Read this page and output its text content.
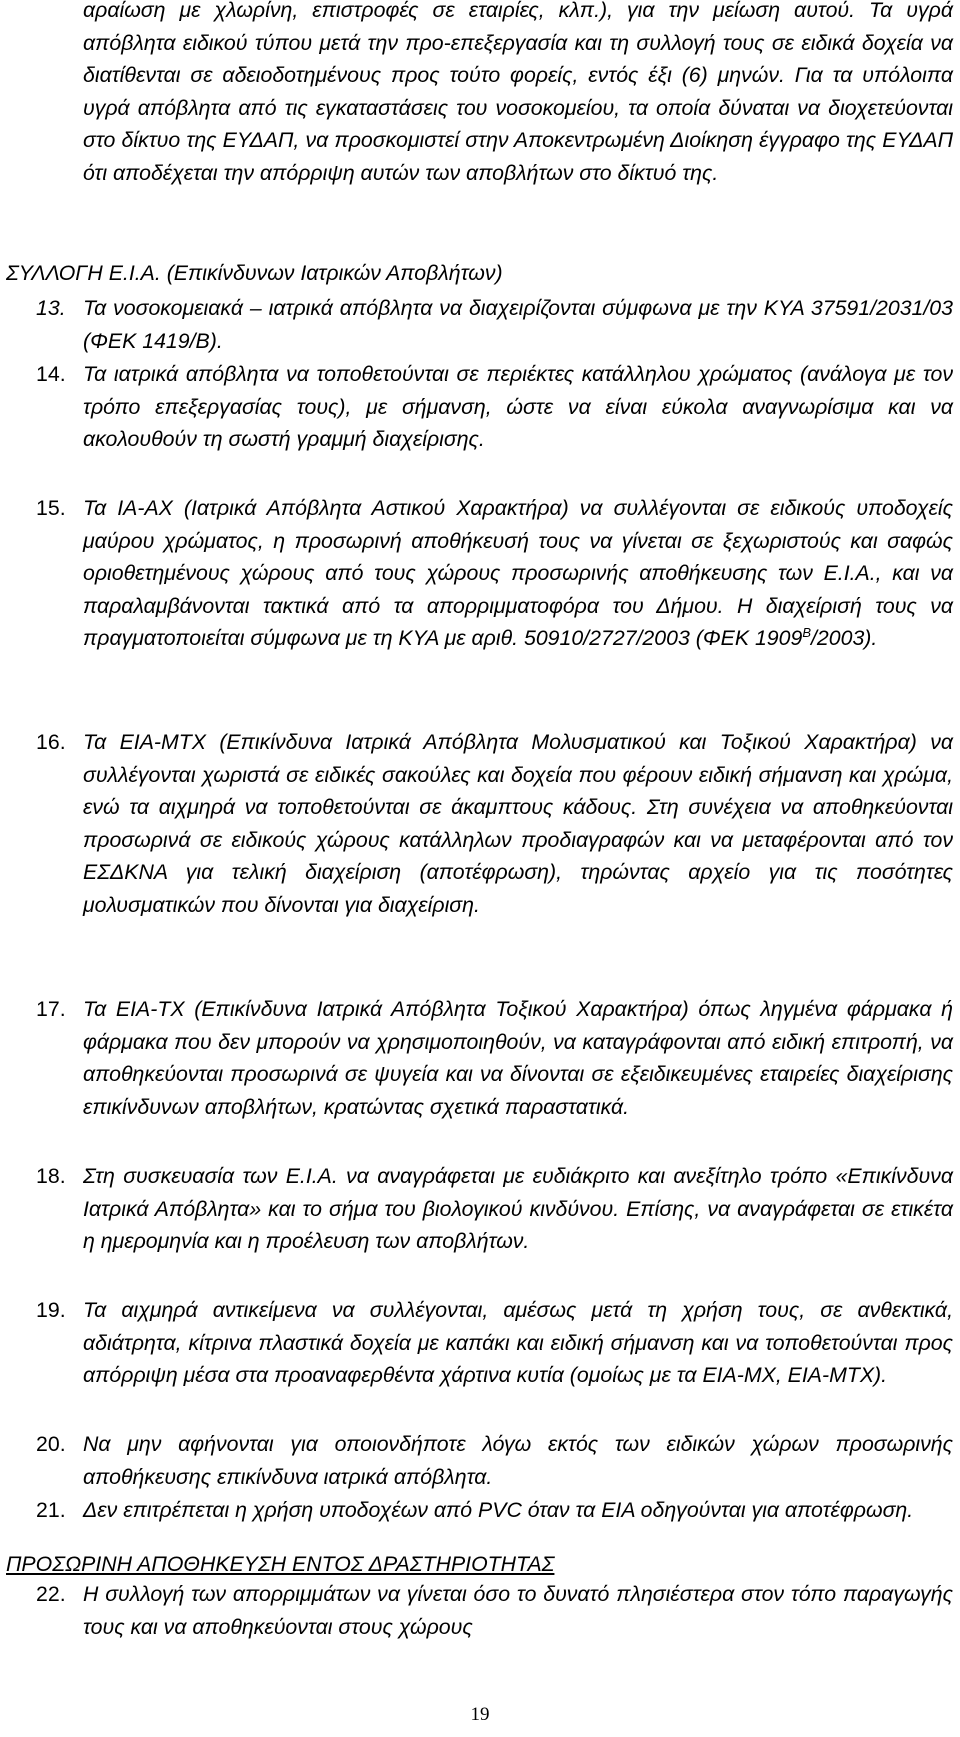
αραίωση με χλωρίνη, επιστροφές σε εταιρίες, κλπ.), για την μείωση αυτού. Τα υγρά απόβλητα ειδικού τύπου μετά την προ-επεξεργασία και τη συλλογή τους σε ειδικά δοχεία να διατίθενται σε αδειοδοτημένους προς τούτο φορείς, εντός έξι (6) μηνών. Για τα υπόλοιπα υγρά απόβλητα από τις εγκαταστάσεις του νοσοκομείου, τα οποία δύναται να διοχετεύονται στο δίκτυο της ΕΥΔΑΠ, να προσκομιστεί στην Αποκεντρωμένη Διοίκηση έγγραφο της ΕΥΔΑΠ ότι αποδέχεται την απόρριψη αυτών των αποβλήτων στο δίκτυό της.

ΣΥΛΛΟΓΗ Ε.Ι.Α. (Επικίνδυνων Ιατρικών Αποβλήτων)

13. Τα νοσοκομειακά – ιατρικά απόβλητα να διαχειρίζονται σύμφωνα με την ΚΥΑ 37591/2031/03 (ΦΕΚ 1419/Β).
14. Τα ιατρικά απόβλητα να τοποθετούνται σε περιέκτες κατάλληλου χρώματος (ανάλογα με τον τρόπο επεξεργασίας τους), με σήμανση, ώστε να είναι εύκολα αναγνωρίσιμα και να ακολουθούν τη σωστή γραμμή διαχείρισης.
15. Τα ΙΑ-ΑΧ (Ιατρικά Απόβλητα Αστικού Χαρακτήρα) να συλλέγονται σε ειδικούς υποδοχείς μαύρου χρώματος, η προσωρινή αποθήκευσή τους να γίνεται σε ξεχωριστούς και σαφώς οριοθετημένους χώρους από τους χώρους προσωρινής αποθήκευσης των Ε.Ι.Α., και να παραλαμβάνονται τακτικά από τα απορριμματοφόρα του Δήμου. Η διαχείρισή τους να πραγματοποιείται σύμφωνα με τη ΚΥΑ με αριθ. 50910/2727/2003 (ΦΕΚ $1909^B/2003$).
16. Τα ΕΙΑ-ΜΤΧ (Επικίνδυνα Ιατρικά Απόβλητα Μολυσματικού και Τοξικού Χαρακτήρα) να συλλέγονται χωριστά σε ειδικές σακούλες και δοχεία που φέρουν ειδική σήμανση και χρώμα, ενώ τα αιχμηρά να τοποθετούνται σε άκαμπτους κάδους. Στη συνέχεια να αποθηκεύονται προσωρινά σε ειδικούς χώρους κατάλληλων προδιαγραφών και να μεταφέρονται από τον ΕΣΔΚΝΑ για τελική διαχείριση (αποτέφρωση), τηρώντας αρχείο για τις ποσότητες μολυσματικών που δίνονται για διαχείριση.
17. Τα ΕΙΑ-ΤΧ (Επικίνδυνα Ιατρικά Απόβλητα Τοξικού Χαρακτήρα) όπως ληγμένα φάρμακα ή φάρμακα που δεν μπορούν να χρησιμοποιηθούν, να καταγράφονται από ειδική επιτροπή, να αποθηκεύονται προσωρινά σε ψυγεία και να δίνονται σε εξειδικευμένες εταιρείες διαχείρισης επικίνδυνων αποβλήτων, κρατώντας σχετικά παραστατικά.
18. Στη συσκευασία των Ε.Ι.Α. να αναγράφεται με ευδιάκριτο και ανεξίτηλο τρόπο «Επικίνδυνα Ιατρικά Απόβλητα» και το σήμα του βιολογικού κινδύνου. Επίσης, να αναγράφεται σε ετικέτα η ημερομηνία και η προέλευση των αποβλήτων.
19. Τα αιχμηρά αντικείμενα να συλλέγονται, αμέσως μετά τη χρήση τους, σε ανθεκτικά, αδιάτρητα, κίτρινα πλαστικά δοχεία με καπάκι και ειδική σήμανση και να τοποθετούνται προς απόρριψη μέσα στα προαναφερθέντα χάρτινα κυτία (ομοίως με τα ΕΙΑ-ΜΧ, ΕΙΑ-ΜΤΧ).
20. Να μην αφήνονται για οποιονδήποτε λόγω εκτός των ειδικών χώρων προσωρινής αποθήκευσης επικίνδυνα ιατρικά απόβλητα.
21. Δεν επιτρέπεται η χρήση υποδοχέων από PVC όταν τα ΕΙΑ οδηγούνται για αποτέφρωση.

ΠΡΟΣΩΡΙΝΗ ΑΠΟΘΗΚΕΥΣΗ ΕΝΤΟΣ ΔΡΑΣΤΗΡΙΟΤΗΤΑΣ

22. Η συλλογή των απορριμμάτων να γίνεται όσο το δυνατό πλησιέστερα στον τόπο παραγωγής τους και να αποθηκεύονται στους χώρους
19
